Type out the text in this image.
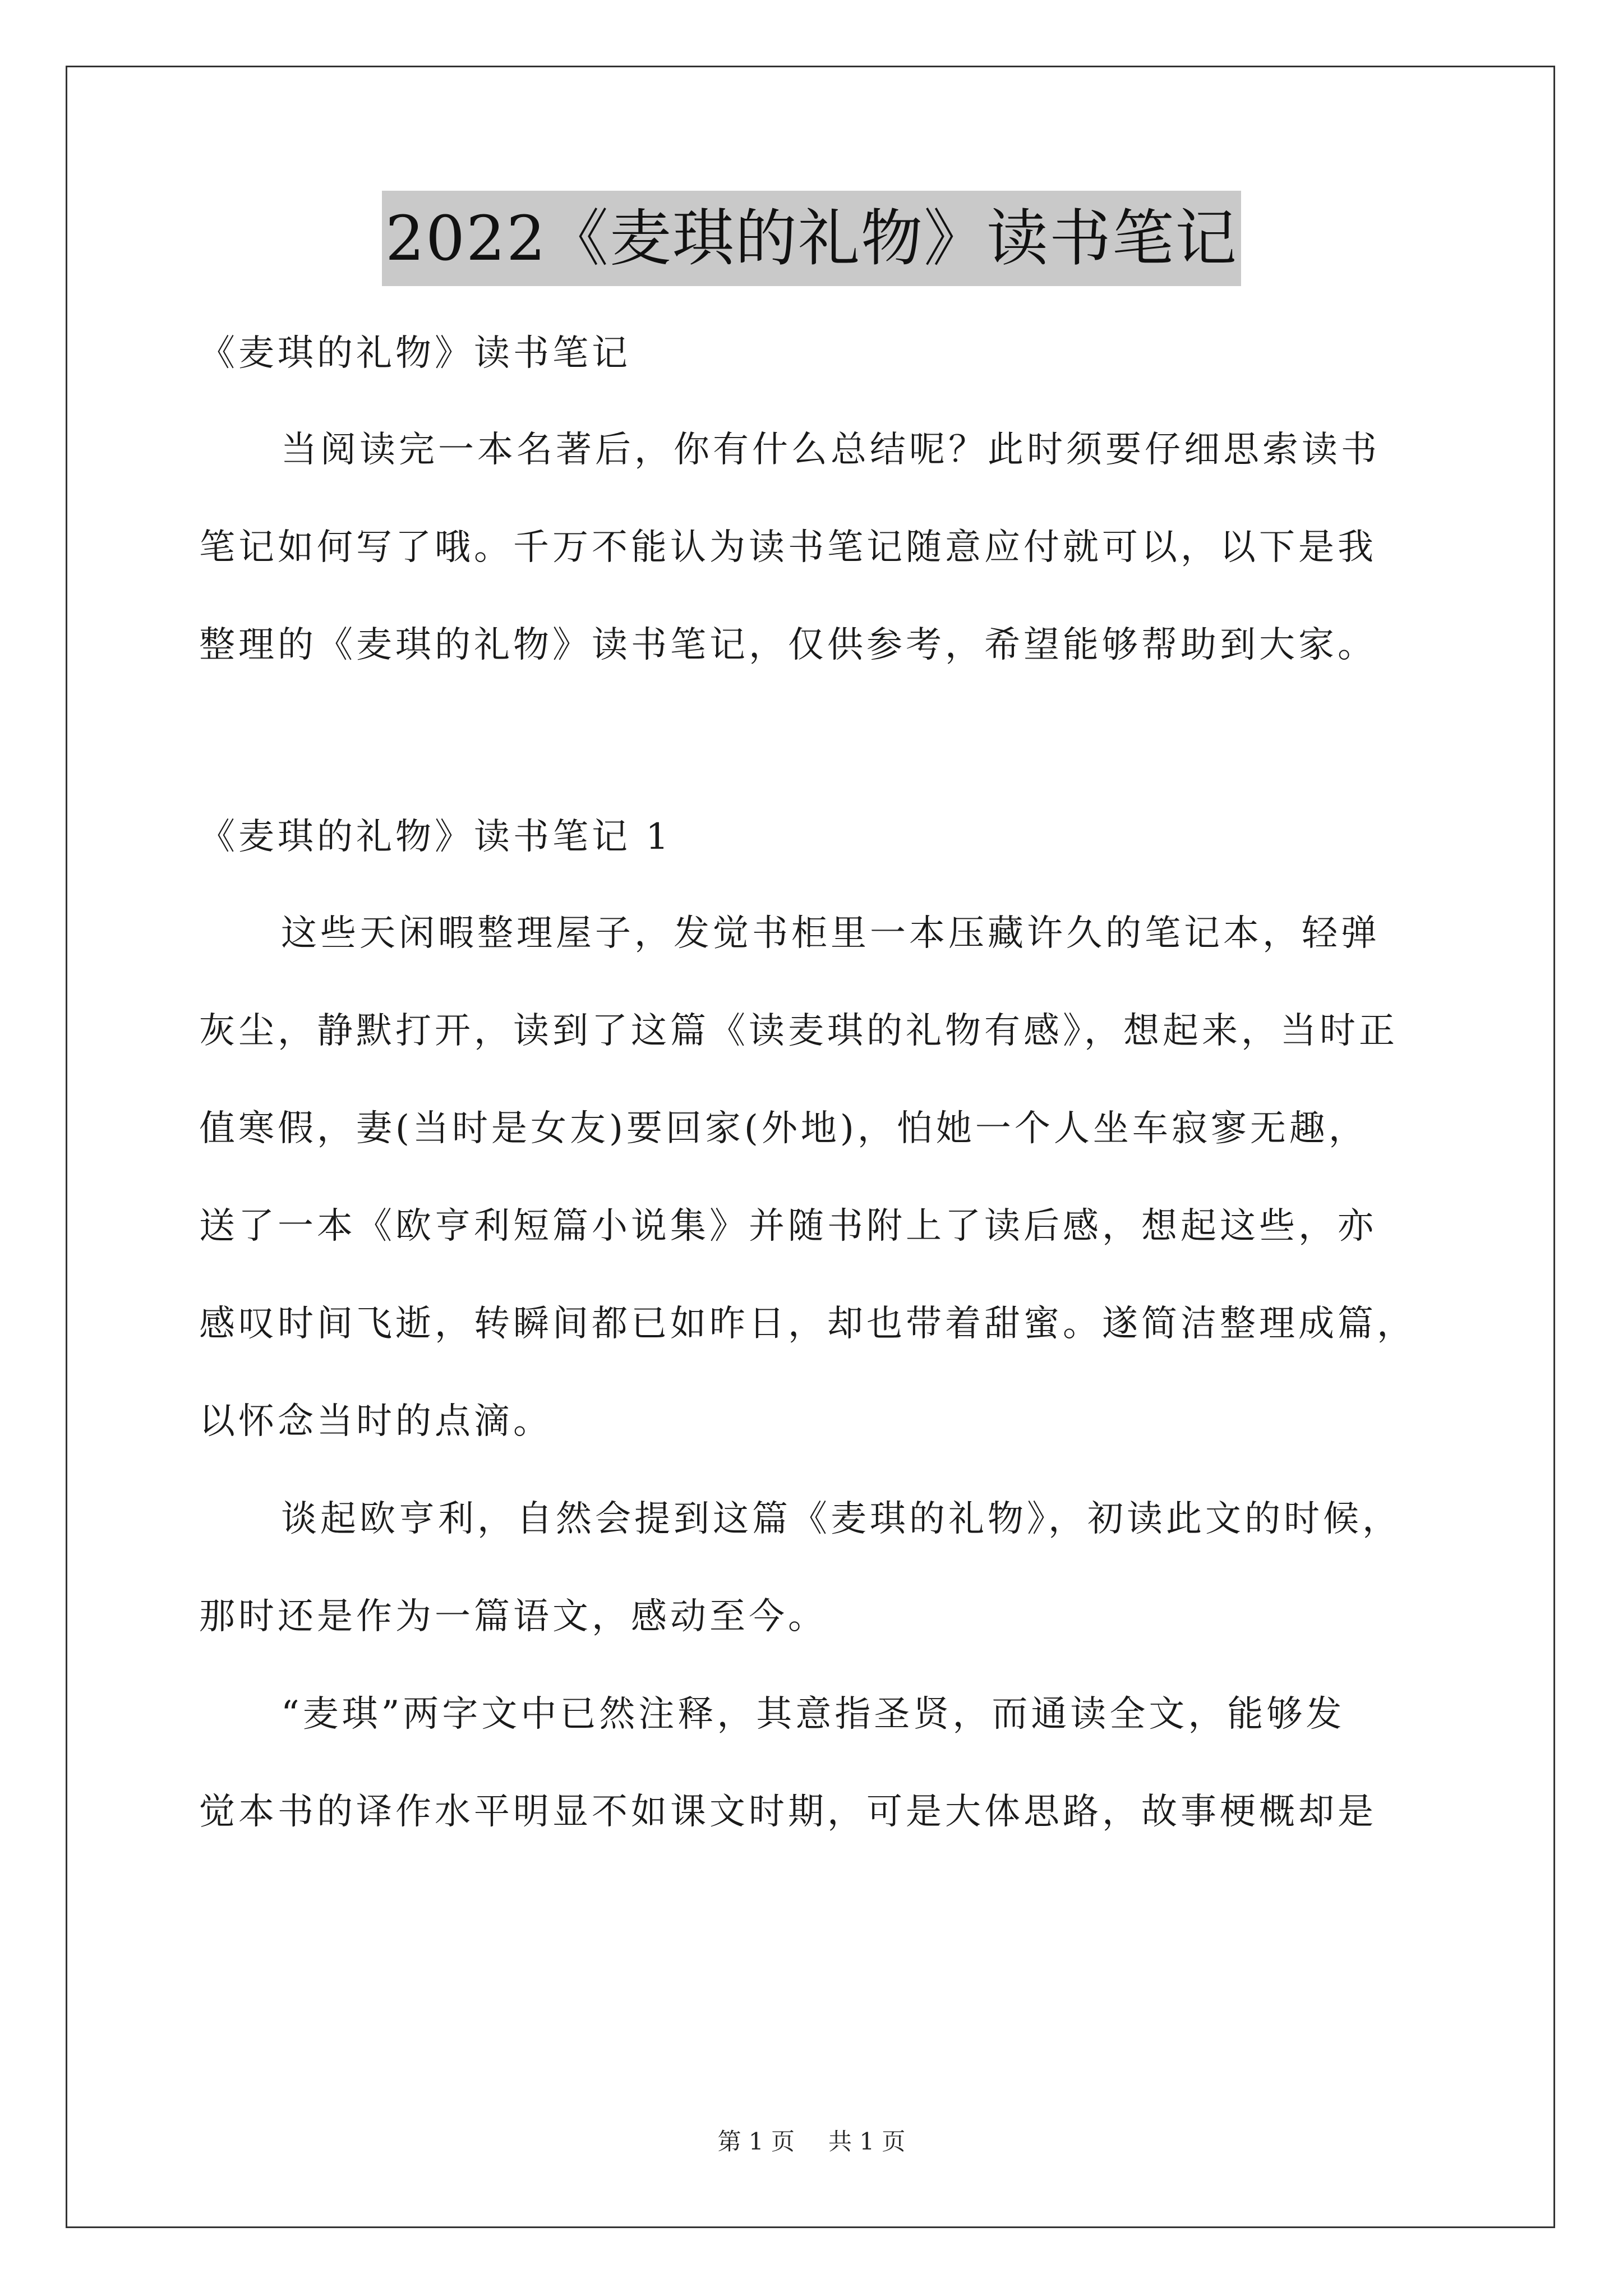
2022《麦琪的礼物》读书笔记

《麦琪的礼物》读书笔记

当阅读完一本名著后，你有什么总结呢？此时须要仔细思索读书

笔记如何写了哦。千万不能认为读书笔记随意应付就可以，以下是我

整理的《麦琪的礼物》读书笔记，仅供参考，希望能够帮助到大家。

《麦琪的礼物》读书笔记 1

这些天闲暇整理屋子，发觉书柜里一本压藏许久的笔记本，轻弹

灰尘，静默打开，读到了这篇《读麦琪的礼物有感》，想起来，当时正

值寒假，妻(当时是女友)要回家(外地)，怕她一个人坐车寂寥无趣，

送了一本《欧亨利短篇小说集》并随书附上了读后感，想起这些，亦

感叹时间飞逝，转瞬间都已如昨日，却也带着甜蜜。遂简洁整理成篇，

以怀念当时的点滴。

谈起欧亨利，自然会提到这篇《麦琪的礼物》，初读此文的时候，

那时还是作为一篇语文，感动至今。

“麦琪”两字文中已然注释，其意指圣贤，而通读全文，能够发

觉本书的译作水平明显不如课文时期，可是大体思路，故事梗概却是

第 1 页 共 1 页
